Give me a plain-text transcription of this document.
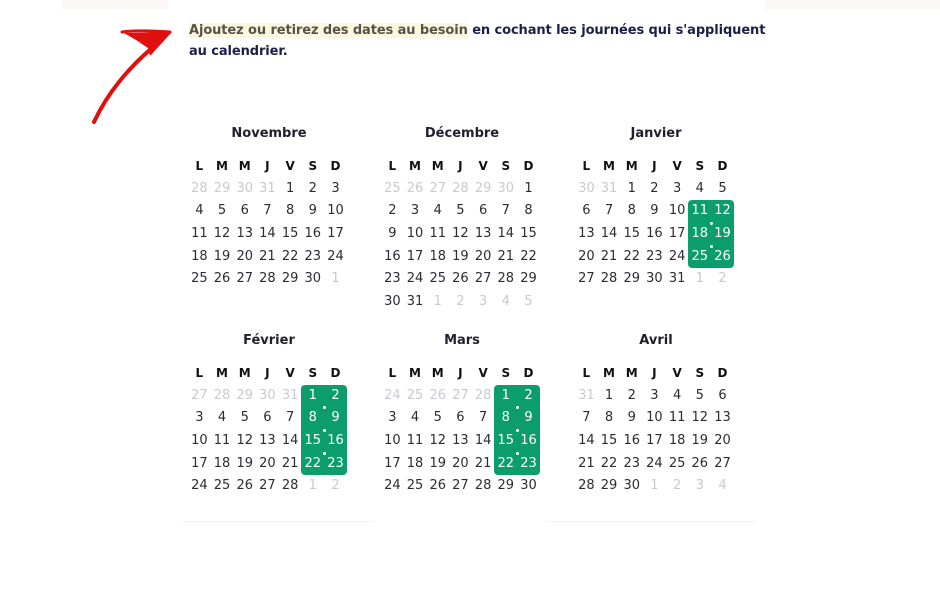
Ajoutez ou retirez des dates au besoin en cochant les journées qui s'appliquent au calendrier.

Novembre
L	M M	J	V	S	D
28 29 30 31 1	2	3
4	5	6	7	8	9 10
11 12 13 14 15 16 17
18 19 20 21 22 23 24
25 26 27 28 29 30 1
Décembre
L	M M	J	V	S	D
25 26 27 28 29 30 1
2	3	4	5	6	7	8
9 10 11 12 13 14 15
16 17 18 19 20 21 22
23 24 25 26 27 28 29
30 31 1	2	3	4	5
Janvier
L	M M	J	V	S	D
30 31 1	2	3	4	5
6	7	8	9 10 11 12
13 14 15 16 17 18 19
20 21 22 23 24 25 26
27 28 29 30 31 1	2
Février
L	M M	J	V	S	D
27 28 29 30 31 1	2
3	4	5	6	7	8	9
10 11 12 13 14 15 16
17 18 19 20 21 22 23
24 25 26 27 28 1	2
Mars
L	M M	J	V	S	D
24 25 26 27 28 1	2
3	4	5	6	7	8	9
10 11 12 13 14 15 16
17 18 19 20 21 22 23
24 25 26 27 28 29 30
Avril
L	M M	J	V	S	D
31 1	2	3	4	5	6
7	8	9 10 11 12 13
14 15 16 17 18 19 20
21 22 23 24 25 26 27
28 29 30 1	2	3	4
